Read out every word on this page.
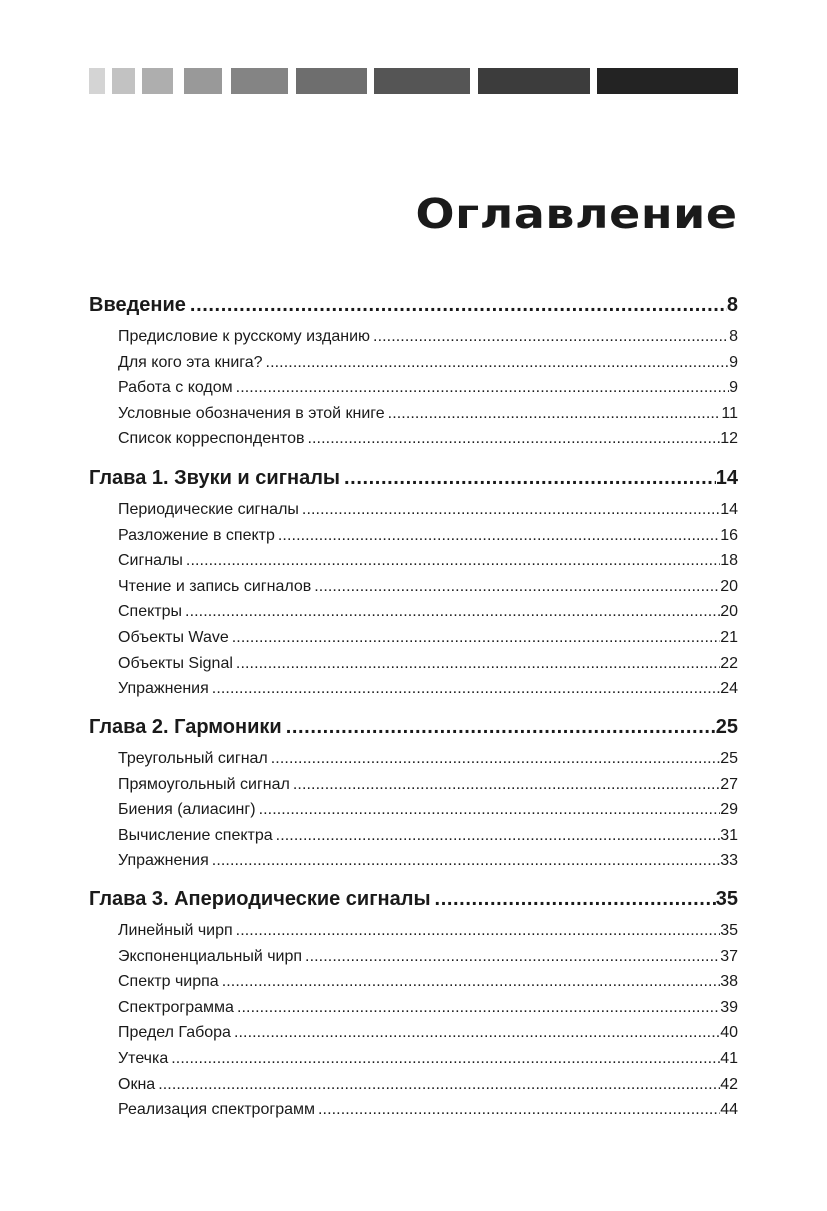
Оглавление
Введение .....	8
Предисловие к русскому изданию .....	8
Для кого эта книга? .....	9
Работа с кодом .....	9
Условные обозначения в этой книге .....	11
Список корреспондентов .....	12
Глава 1. Звуки и сигналы .....	14
Периодические сигналы .....	14
Разложение в спектр .....	16
Сигналы .....	18
Чтение и запись сигналов .....	20
Спектры .....	20
Объекты Wave .....	21
Объекты Signal .....	22
Упражнения .....	24
Глава 2. Гармоники .....	25
Треугольный сигнал .....	25
Прямоугольный сигнал .....	27
Биения (алиасинг) .....	29
Вычисление спектра .....	31
Упражнения .....	33
Глава 3. Апериодические сигналы .....	35
Линейный чирп .....	35
Экспоненциальный чирп .....	37
Спектр чирпа .....	38
Спектрограмма .....	39
Предел Габора .....	40
Утечка .....	41
Окна .....	42
Реализация спектрограмм .....	44
